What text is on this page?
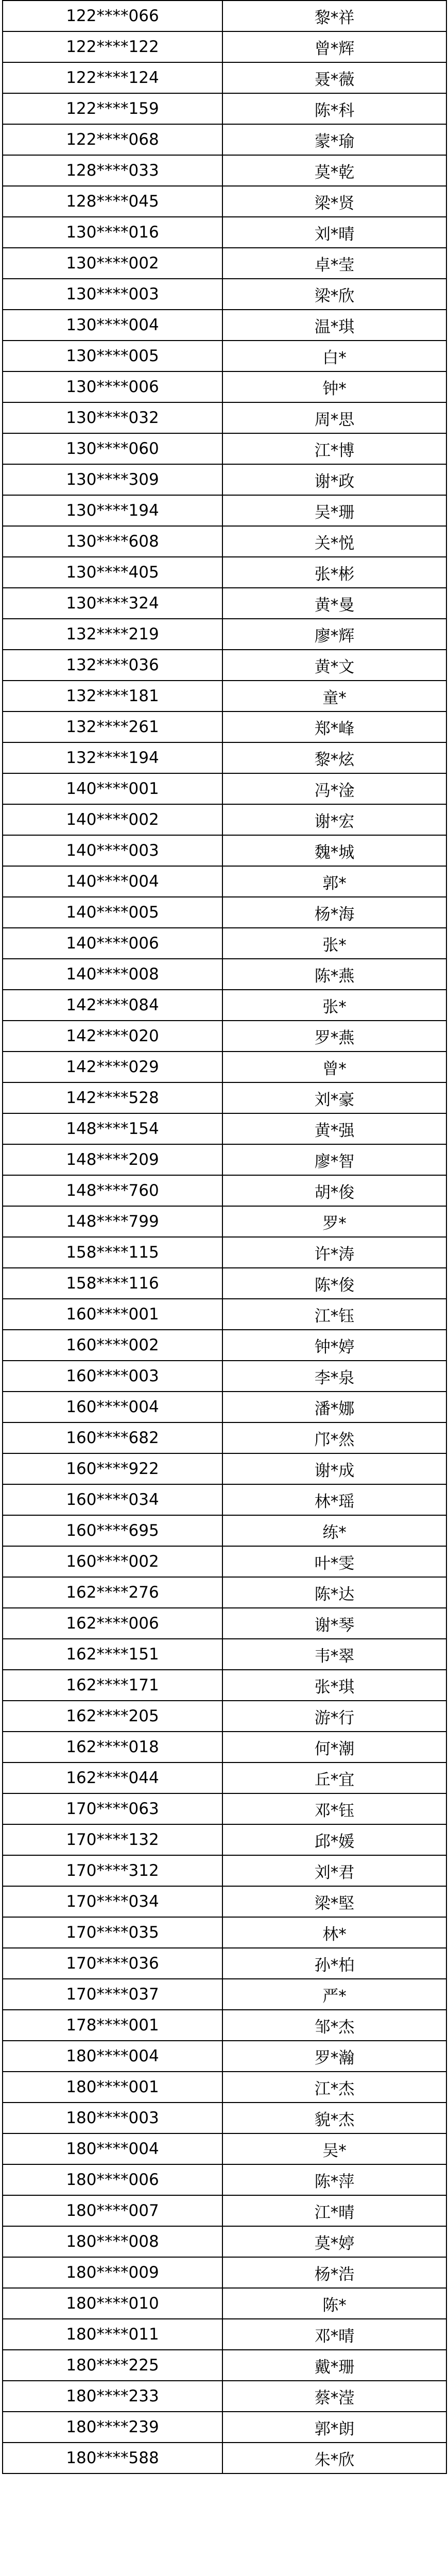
122****066	黎*祥
122****122	曾*辉
122****124	聂*薇
122****159	陈*科
122****068	蒙*瑜
128****033	莫*乾
128****045	梁*贤
130****016	刘*晴
130****002	卓*莹
130****003	梁*欣
130****004	温*琪
130****005	白*
130****006	钟*
130****032	周*思
130****060	江*博
130****309	谢*政
130****194	吴*珊
130****608	关*悦
130****405	张*彬
130****324	黄*曼
132****219	廖*辉
132****036	黄*文
132****181	童*
132****261	郑*峰
132****194	黎*炫
140****001	冯*淦
140****002	谢*宏
140****003	魏*城
140****004	郭*
140****005	杨*海
140****006	张*
140****008	陈*燕
142****084	张*
142****020	罗*燕
142****029	曾*
142****528	刘*豪
148****154	黄*强
148****209	廖*智
148****760	胡*俊
148****799	罗*
158****115	许*涛
158****116	陈*俊
160****001	江*钰
160****002	钟*婷
160****003	李*泉
160****004	潘*娜
160****682	邝*然
160****922	谢*成
160****034	林*瑶
160****695	练*
160****002	叶*雯
162****276	陈*达
162****006	谢*琴
162****151	韦*翠
162****171	张*琪
162****205	游*行
162****018	何*潮
162****044	丘*宜
170****063	邓*钰
170****132	邱*媛
170****312	刘*君
170****034	梁*堅
170****035	林*
170****036	孙*柏
170****037	严*
178****001	邹*杰
180****004	罗*瀚
180****001	江*杰
180****003	貌*杰
180****004	吴*
180****006	陈*萍
180****007	江*晴
180****008	莫*婷
180****009	杨*浩
180****010	陈*
180****011	邓*晴
180****225	戴*珊
180****233	蔡*滢
180****239	郭*朗
180****588	朱*欣
